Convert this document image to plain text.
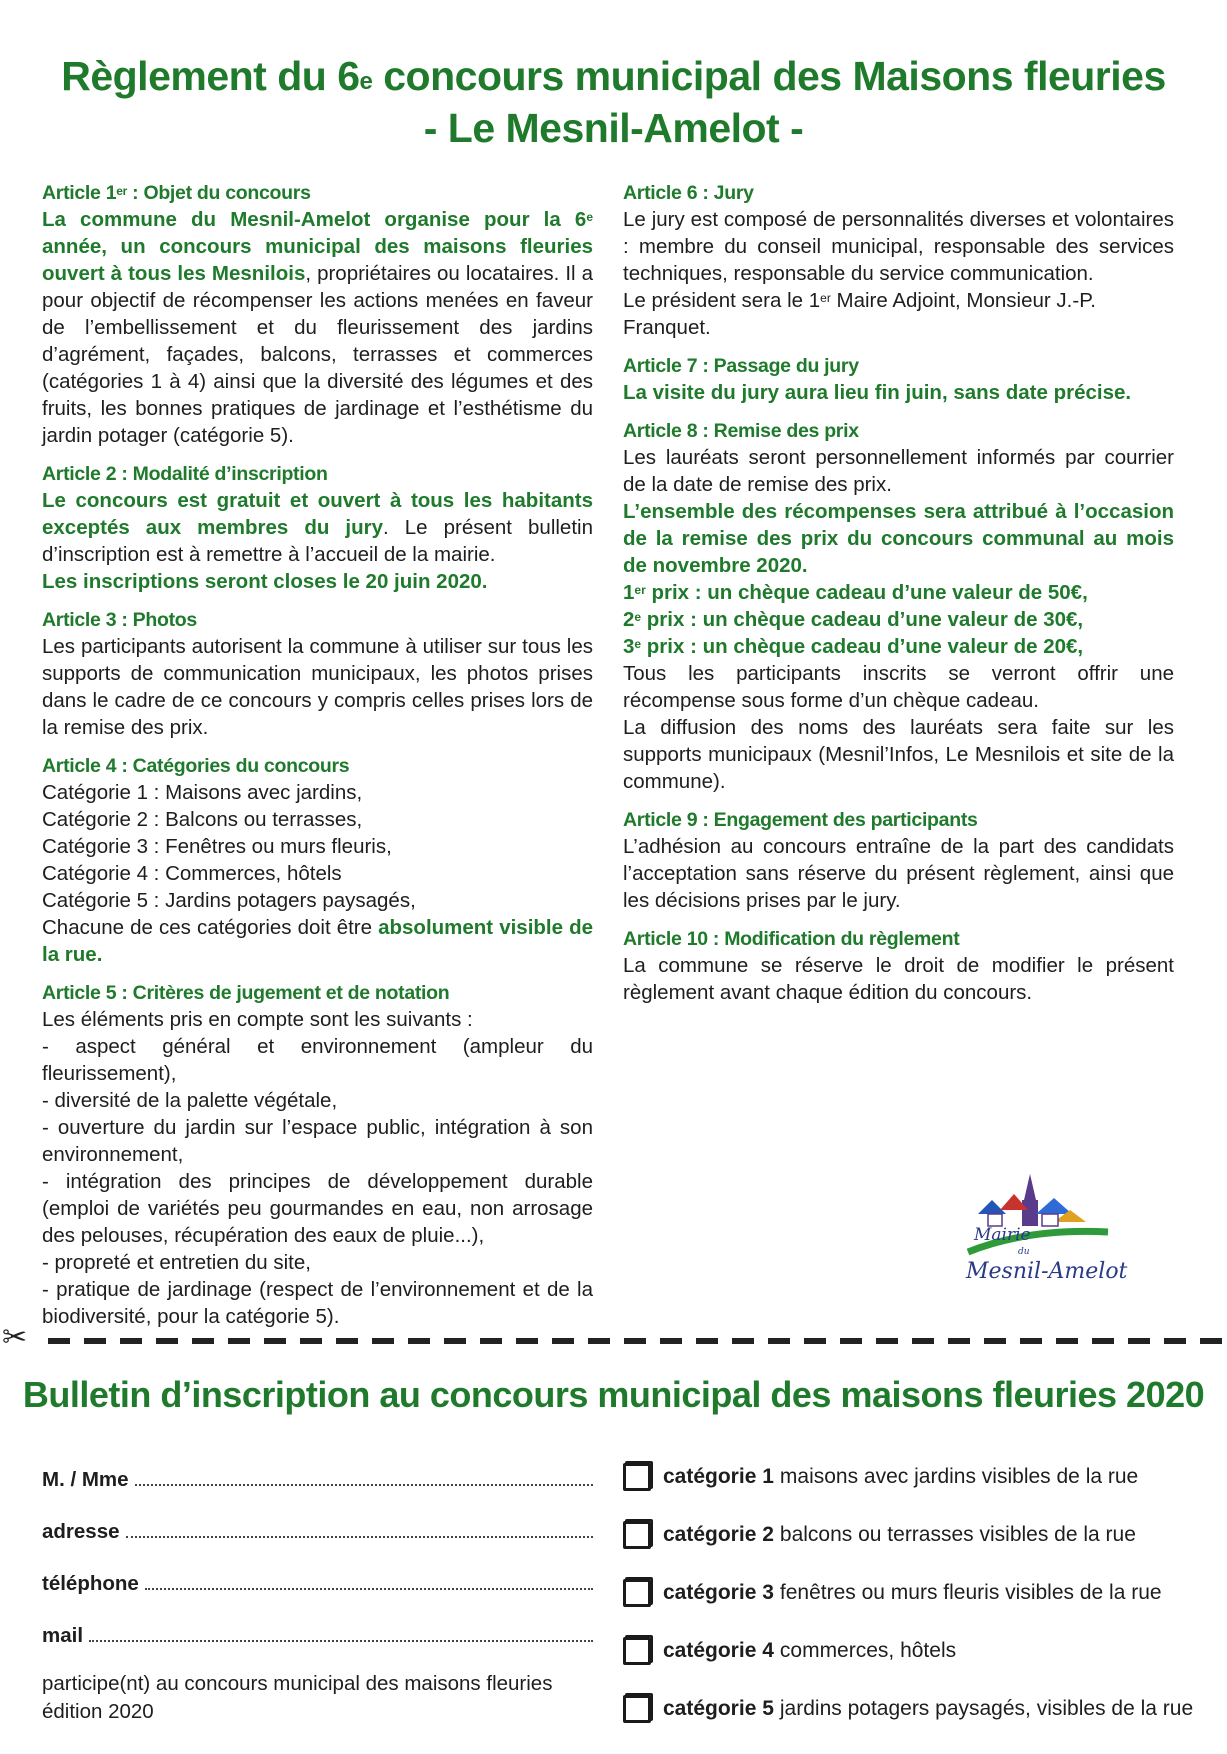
Règlement du 6e concours municipal des Maisons fleuries
- Le Mesnil-Amelot -
Article 1er : Objet du concours

La commune du Mesnil-Amelot organise pour la 6e année, un concours municipal des maisons fleuries ouvert à tous les Mesnilois, propriétaires ou locataires. Il a pour objectif de récompenser les actions menées en faveur de l’embellissement et du fleurissement des jardins d’agrément, façades, balcons, terrasses et commerces (catégories 1 à 4) ainsi que la diversité des légumes et des fruits, les bonnes pratiques de jardinage et l’esthétisme du jardin potager (catégorie 5).

Article 2 : Modalité d’inscription

Le concours est gratuit et ouvert à tous les habitants exceptés aux membres du jury. Le présent bulletin d’inscription est à remettre à l’accueil de la mairie.

Les inscriptions seront closes le 20 juin 2020.

Article 3 : Photos

Les participants autorisent la commune à utiliser sur tous les supports de communication municipaux, les photos prises dans le cadre de ce concours y compris celles prises lors de la remise des prix.

Article 4 : Catégories du concours

Catégorie 1 : Maisons avec jardins,

Catégorie 2 : Balcons ou terrasses,

Catégorie 3 : Fenêtres ou murs fleuris,

Catégorie 4 : Commerces, hôtels

Catégorie 5 : Jardins potagers paysagés,

Chacune de ces catégories doit être absolument visible de la rue.

Article 5 : Critères de jugement et de notation

Les éléments pris en compte sont les suivants :

- aspect général et environnement (ampleur du fleurissement),

- diversité de la palette végétale,

- ouverture du jardin sur l’espace public, intégration à son environnement,

- intégration des principes de développement durable (emploi de variétés peu gourmandes en eau, non arrosage des pelouses, récupération des eaux de pluie...),

- propreté et entretien du site,

- pratique de jardinage (respect de l’environnement et de la biodiversité, pour la catégorie 5).

Article 6 : Jury

Le jury est composé de personnalités diverses et volontaires : membre du conseil municipal, responsable des services techniques, responsable du service communication.

Le président sera le 1er Maire Adjoint, Monsieur J.-P. Franquet.

Article 7 : Passage du jury

La visite du jury aura lieu fin juin, sans date précise.

Article 8 : Remise des prix

Les lauréats seront personnellement informés par courrier de la date de remise des prix.

L’ensemble des récompenses sera attribué à l’occasion de la remise des prix du concours communal au mois de novembre 2020.

1er prix : un chèque cadeau d’une valeur de 50€,

2e prix : un chèque cadeau d’une valeur de 30€,

3e prix : un chèque cadeau d’une valeur de 20€,

Tous les participants inscrits se verront offrir une récompense sous forme d’un chèque cadeau.

La diffusion des noms des lauréats sera faite sur les supports municipaux (Mesnil’Infos, Le Mesnilois et site de la commune).

Article 9 : Engagement des participants

L’adhésion au concours entraîne de la part des candidats l’acceptation sans réserve du présent règlement, ainsi que les décisions prises par le jury.

Article 10 : Modification du règlement

La commune se réserve le droit de modifier le présent règlement avant chaque édition du concours.

Mairie
du
Mesnil-Amelot
✂
Bulletin d’inscription au concours municipal des maisons fleuries 2020
M. / Mme
adresse
téléphone
mail
participe(nt) au concours municipal des maisons fleuries édition 2020
catégorie 1 maisons avec jardins visibles de la rue
catégorie 2 balcons ou terrasses visibles de la rue
catégorie 3 fenêtres ou murs fleuris visibles de la rue
catégorie 4 commerces, hôtels
catégorie 5 jardins potagers paysagés, visibles de la rue
